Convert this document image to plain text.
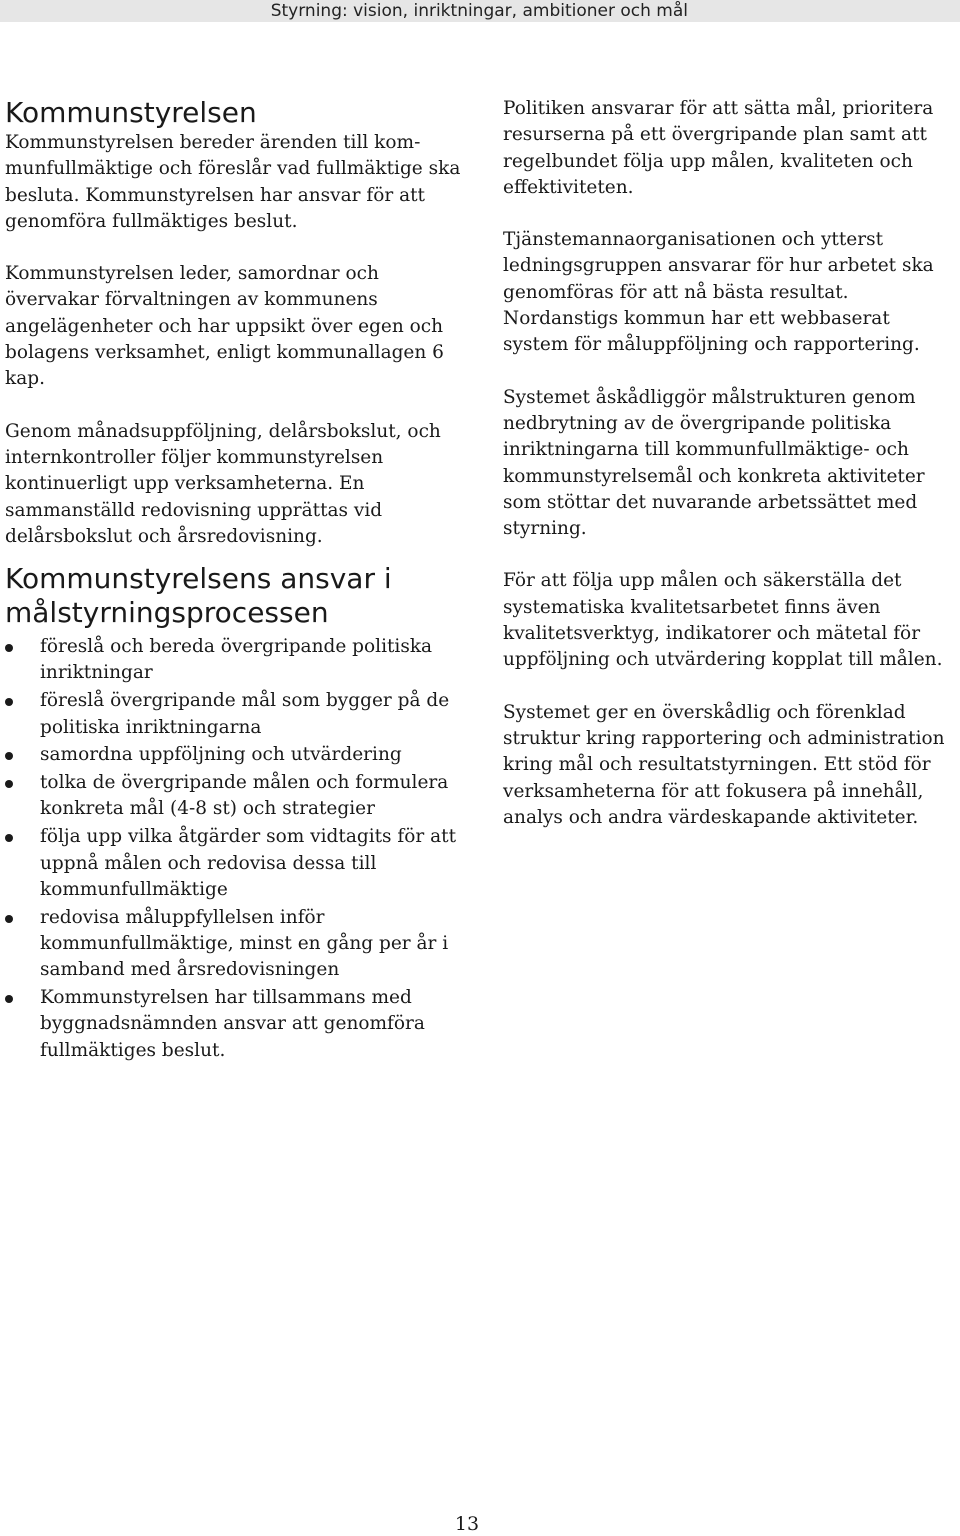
Styrning: vision, inriktningar, ambitioner och mål
Kommunstyrelsen

Kommunstyrelsen bereder ärenden till kom-munfullmäktige och föreslår vad fullmäktige ska besluta. Kommunstyrelsen har ansvar för att genomföra fullmäktiges beslut.

Kommunstyrelsen leder, samordnar och övervakar förvaltningen av kommunens angelägenheter och har uppsikt över egen och bolagens verksamhet, enligt kommunallagen 6 kap.

Genom månadsuppföljning, delårsbokslut, och internkontroller följer kommunstyrelsen kontinuerligt upp verksamheterna. En sammanställd redovisning upprättas vid delårsbokslut och årsredovisning.

Kommunstyrelsens ansvar i målstyrningsprocessen
föreslå och bereda övergripande politiska inriktningar
föreslå övergripande mål som bygger på de politiska inriktningarna
samordna uppföljning och utvärdering
tolka de övergripande målen och formulera konkreta mål (4-8 st) och strategier
följa upp vilka åtgärder som vidtagits för att uppnå målen och redovisa dessa till kommunfullmäktige
redovisa måluppfyllelsen inför kommunfullmäktige, minst en gång per år i samband med årsredovisningen
Kommunstyrelsen har tillsammans med byggnadsnämnden ansvar att genomföra fullmäktiges beslut.

Politiken ansvarar för att sätta mål, prioritera resurserna på ett övergripande plan samt att regelbundet följa upp målen, kvaliteten och effektiviteten.

Tjänstemannaorganisationen och ytterst ledningsgruppen ansvarar för hur arbetet ska genomföras för att nå bästa resultat. Nordanstigs kommun har ett webbaserat system för måluppföljning och rapportering.

Systemet åskådliggör målstrukturen genom nedbrytning av de övergripande politiska inriktningarna till kommunfullmäktige- och kommunstyrelsemål och konkreta aktiviteter som stöttar det nuvarande arbetssättet med styrning.

För att följa upp målen och säkerställa det systematiska kvalitetsarbetet finns även kvalitetsverktyg, indikatorer och mätetal för uppföljning och utvärdering kopplat till målen.

Systemet ger en överskådlig och förenklad struktur kring rapportering och administration kring mål och resultatstyrningen. Ett stöd för verksamheterna för att fokusera på innehåll, analys och andra värdeskapande aktiviteter.

13
